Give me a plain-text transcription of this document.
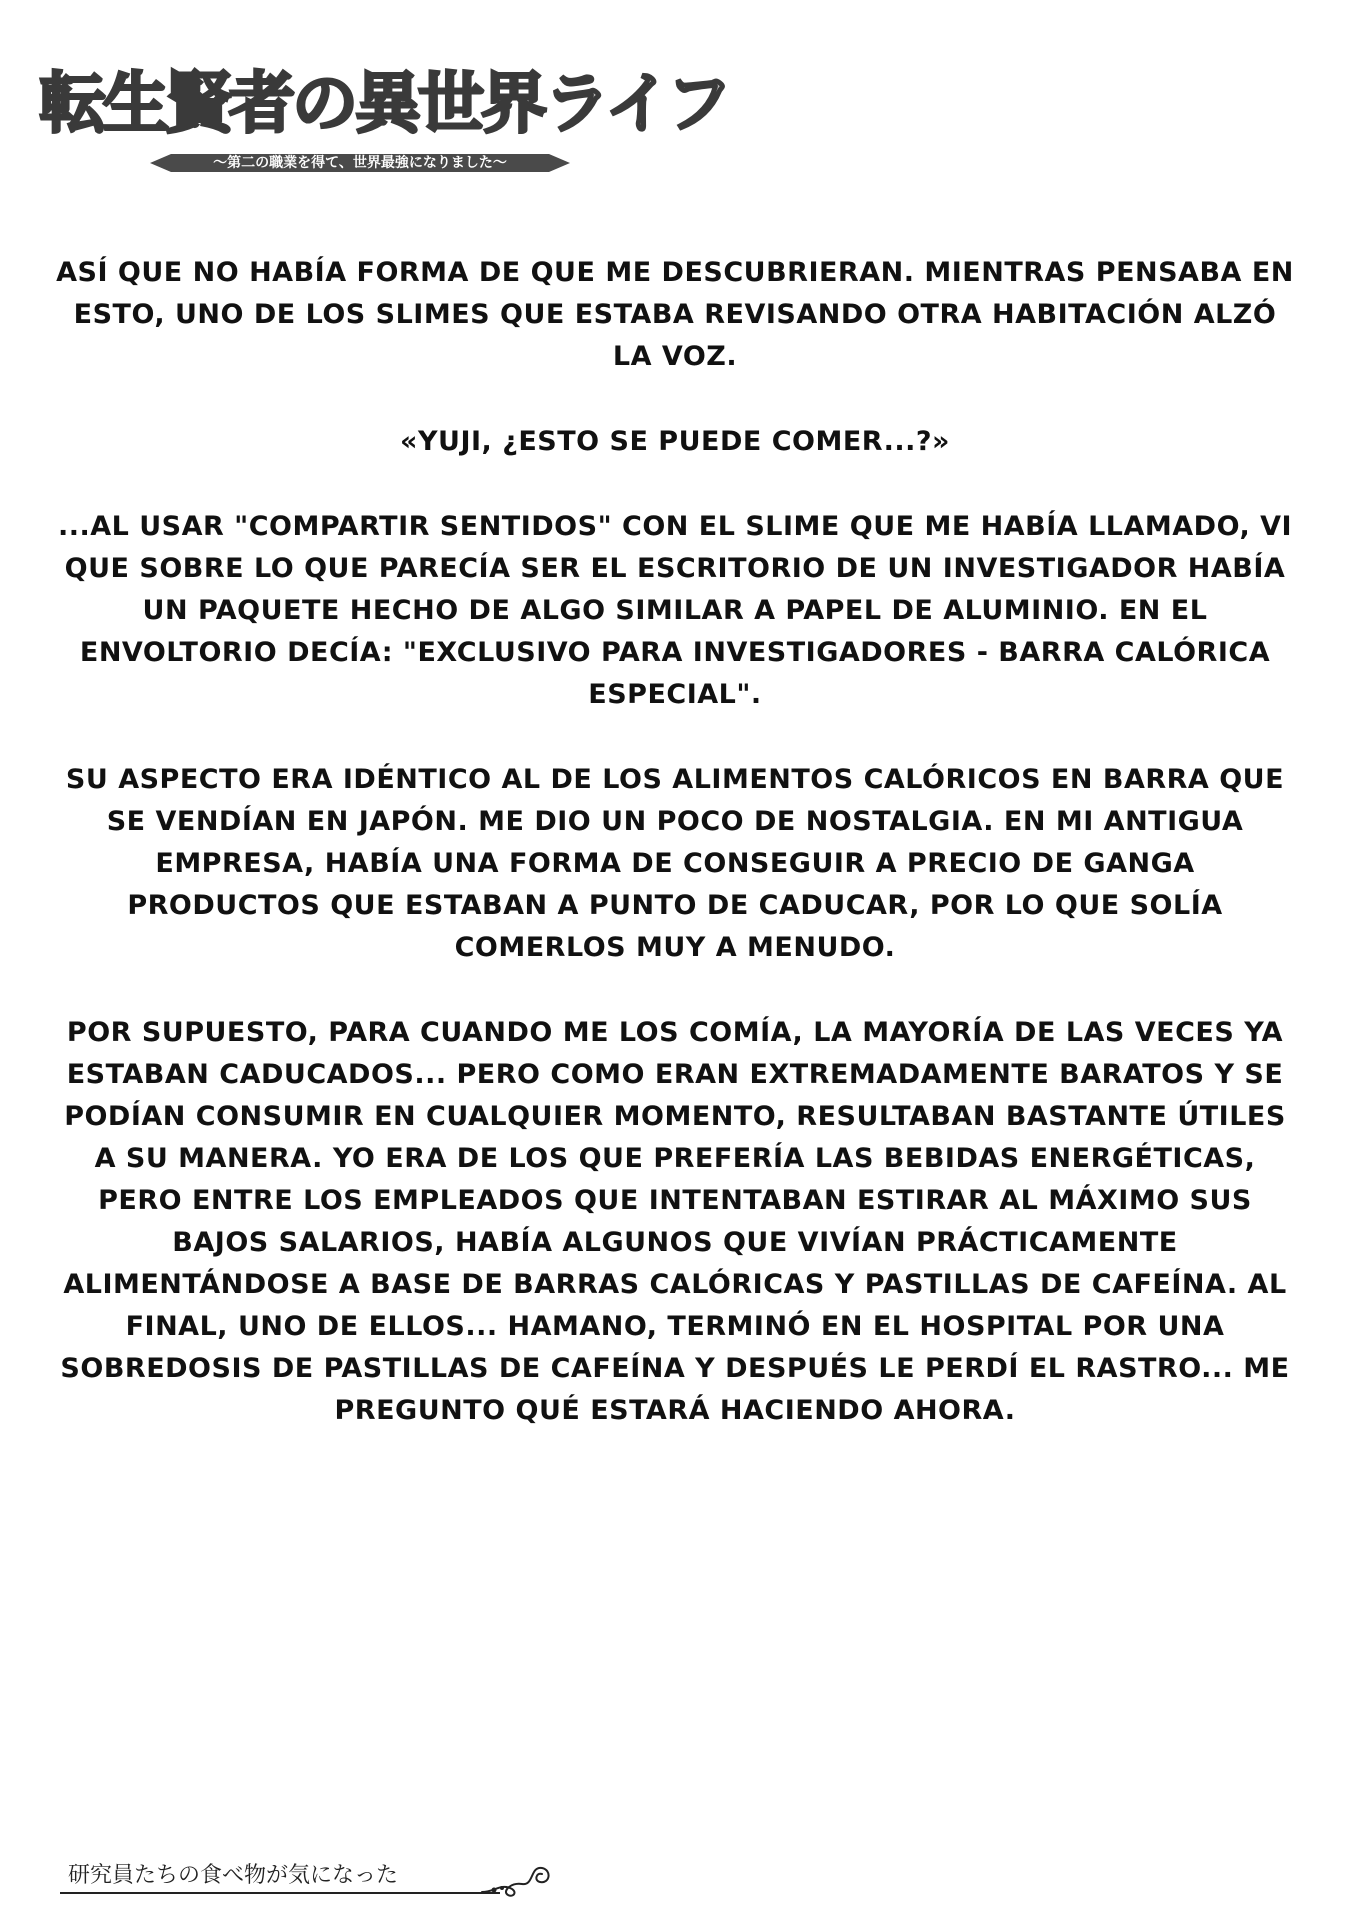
転生賢者の異世界ライフ
～第二の職業を得て、世界最強になりました～

ASÍ QUE NO HABÍA FORMA DE QUE ME DESCUBRIERAN. MIENTRAS PENSABA EN ESTO, UNO DE LOS SLIMES QUE ESTABA REVISANDO OTRA HABITACIÓN ALZÓ LA VOZ.

«YUJI, ¿ESTO SE PUEDE COMER...?»

...AL USAR "COMPARTIR SENTIDOS" CON EL SLIME QUE ME HABÍA LLAMADO, VI QUE SOBRE LO QUE PARECÍA SER EL ESCRITORIO DE UN INVESTIGADOR HABÍA UN PAQUETE HECHO DE ALGO SIMILAR A PAPEL DE ALUMINIO. EN EL ENVOLTORIO DECÍA: "EXCLUSIVO PARA INVESTIGADORES - BARRA CALÓRICA ESPECIAL".

SU ASPECTO ERA IDÉNTICO AL DE LOS ALIMENTOS CALÓRICOS EN BARRA QUE SE VENDÍAN EN JAPÓN. ME DIO UN POCO DE NOSTALGIA. EN MI ANTIGUA EMPRESA, HABÍA UNA FORMA DE CONSEGUIR A PRECIO DE GANGA PRODUCTOS QUE ESTABAN A PUNTO DE CADUCAR, POR LO QUE SOLÍA COMERLOS MUY A MENUDO.

POR SUPUESTO, PARA CUANDO ME LOS COMÍA, LA MAYORÍA DE LAS VECES YA ESTABAN CADUCADOS... PERO COMO ERAN EXTREMADAMENTE BARATOS Y SE PODÍAN CONSUMIR EN CUALQUIER MOMENTO, RESULTABAN BASTANTE ÚTILES A SU MANERA. YO ERA DE LOS QUE PREFERÍA LAS BEBIDAS ENERGÉTICAS, PERO ENTRE LOS EMPLEADOS QUE INTENTABAN ESTIRAR AL MÁXIMO SUS BAJOS SALARIOS, HABÍA ALGUNOS QUE VIVÍAN PRÁCTICAMENTE ALIMENTÁNDOSE A BASE DE BARRAS CALÓRICAS Y PASTILLAS DE CAFEÍNA. AL FINAL, UNO DE ELLOS... HAMANO, TERMINÓ EN EL HOSPITAL POR UNA SOBREDOSIS DE PASTILLAS DE CAFEÍNA Y DESPUÉS LE PERDÍ EL RASTRO... ME PREGUNTO QUÉ ESTARÁ HACIENDO AHORA.

研究員たちの食べ物が気になった
